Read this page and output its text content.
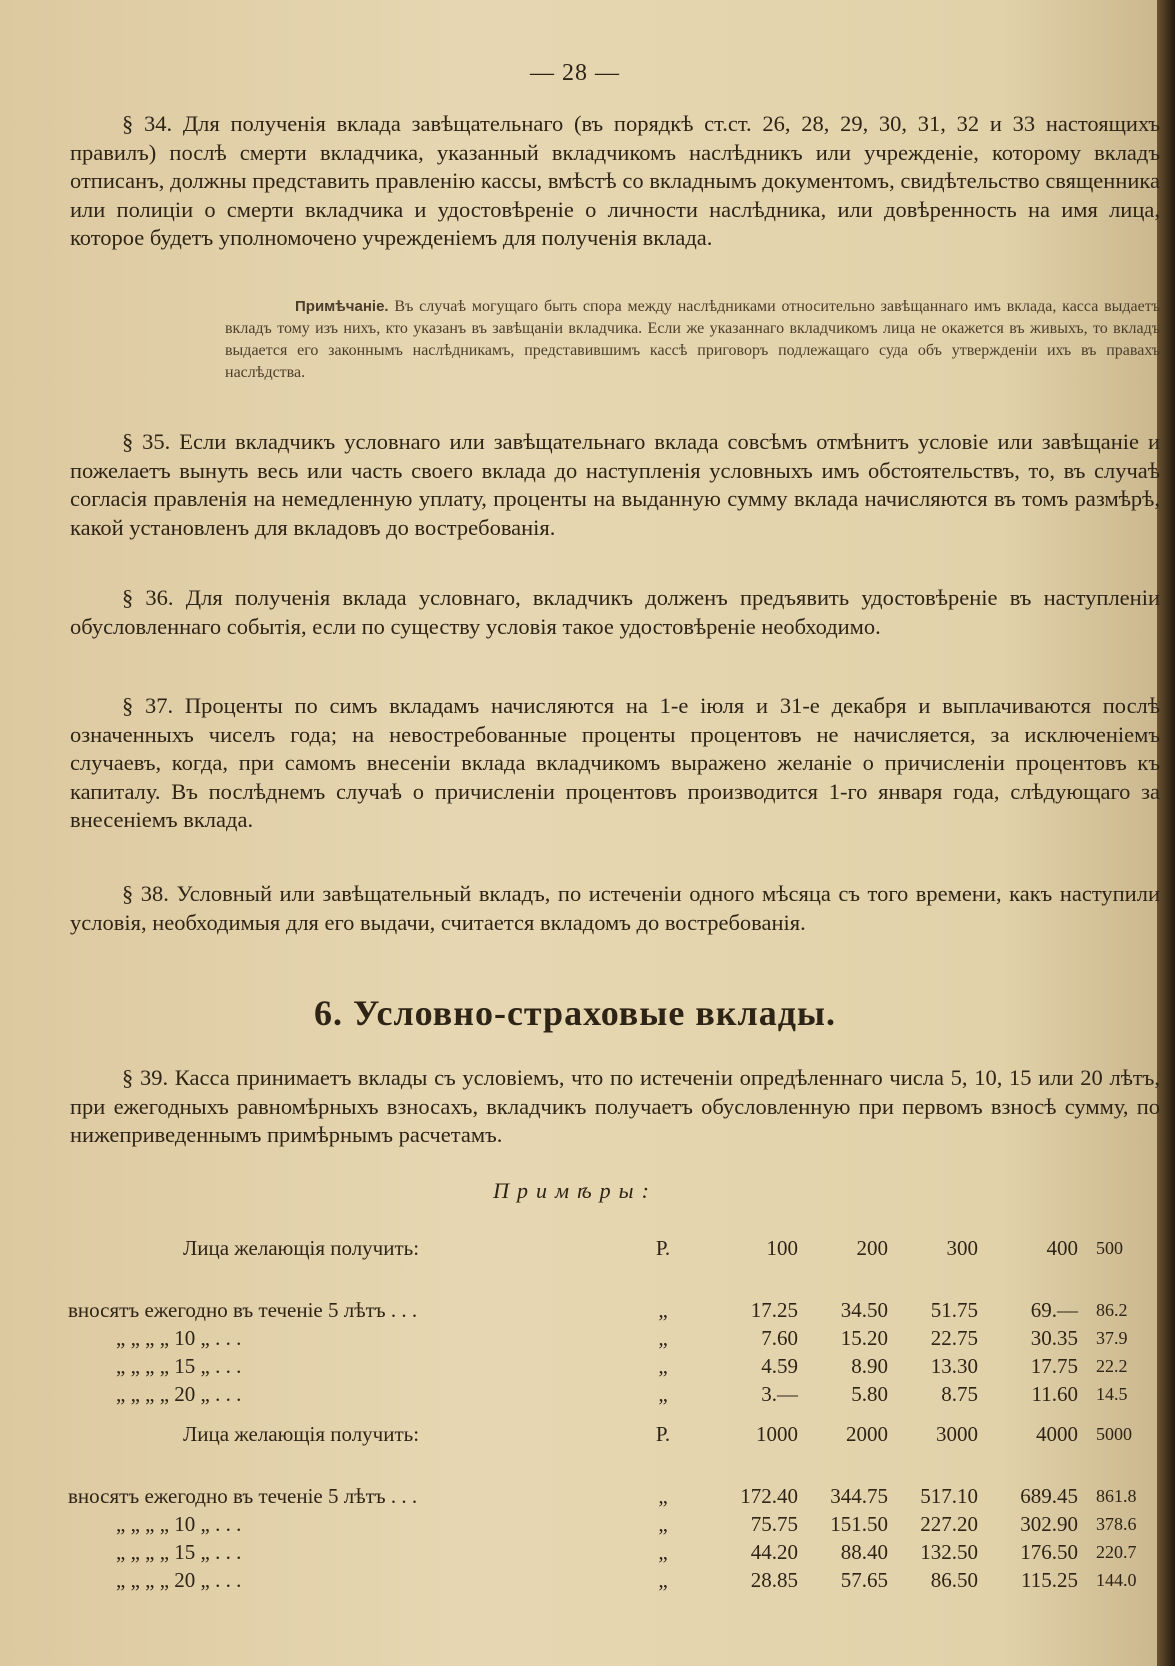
— 28 —

§ 34. Для полученія вклада завѣщательнаго (въ порядкѣ ст.ст. 26, 28, 29, 30, 31, 32 и 33 настоящихъ правилъ) послѣ смерти вкладчика, указанный вкладчикомъ наслѣдникъ или учрежденіе, которому вкладъ отписанъ, должны представить правленію кассы, вмѣстѣ со вкладнымъ документомъ, свидѣтельство священника или полиціи о смерти вкладчика и удостовѣреніе о личности наслѣдника, или довѣренность на имя лица, которое будетъ уполномочено учрежденіемъ для полученія вклада.

Примѣчаніе. Въ случаѣ могущаго быть спора между наслѣдниками относительно завѣщаннаго имъ вклада, касса выдаетъ вкладъ тому изъ нихъ, кто указанъ въ завѣщаніи вкладчика. Если же указаннаго вкладчикомъ лица не окажется въ живыхъ, то вкладъ выдается его законнымъ наслѣдникамъ, представившимъ кассѣ приговоръ подлежащаго суда объ утвержденіи ихъ въ правахъ наслѣдства.

§ 35. Если вкладчикъ условнаго или завѣщательнаго вклада совсѣмъ отмѣнитъ условіе или завѣщаніе и пожелаетъ вынуть весь или часть своего вклада до наступленія условныхъ имъ обстоятельствъ, то, въ случаѣ согласія правленія на немедленную уплату, проценты на выданную сумму вклада начисляются въ томъ размѣрѣ, какой установленъ для вкладовъ до востребованія.

§ 36. Для полученія вклада условнаго, вкладчикъ долженъ предъявить удостовѣреніе въ наступленіи обусловленнаго событія, если по существу условія такое удостовѣреніе необходимо.

§ 37. Проценты по симъ вкладамъ начисляются на 1-е іюля и 31-е декабря и выплачиваются послѣ означенныхъ чиселъ года; на невостребованные проценты процентовъ не начисляется, за исключеніемъ случаевъ, когда, при самомъ внесеніи вклада вкладчикомъ выражено желаніе о причисленіи процентовъ къ капиталу. Въ послѣднемъ случаѣ о причисленіи процентовъ производится 1-го января года, слѣдующаго за внесеніемъ вклада.

§ 38. Условный или завѣщательный вкладъ, по истеченіи одного мѣсяца съ того времени, какъ наступили условія, необходимыя для его выдачи, считается вкладомъ до востребованія.

6. Условно-страховые вклады.

§ 39. Касса принимаетъ вклады съ условіемъ, что по истеченіи опредѣленнаго числа 5, 10, 15 или 20 лѣтъ, при ежегодныхъ равномѣрныхъ взносахъ, вкладчикъ получаетъ обусловленную при первомъ взносѣ сумму, по нижеприведеннымъ примѣрнымъ расчетамъ.

Примѣры:
Лица желающія получить:	Р.	100	200	300	400	500

вносятъ ежегодно въ теченіе 5 лѣтъ . . .	„	17.25	34.50	51.75	69.—	86.2
„ „ „ „ 10 „ . . .	„	7.60	15.20	22.75	30.35	37.9
„ „ „ „ 15 „ . . .	„	4.59	8.90	13.30	17.75	22.2
„ „ „ „ 20 „ . . .	„	3.—	5.80	8.75	11.60	14.5
Лица желающія получить:	Р.	1000	2000	3000	4000	5000

вносятъ ежегодно въ теченіе 5 лѣтъ . . .	„	172.40	344.75	517.10	689.45	861.8
„ „ „ „ 10 „ . . .	„	75.75	151.50	227.20	302.90	378.6
„ „ „ „ 15 „ . . .	„	44.20	88.40	132.50	176.50	220.7
„ „ „ „ 20 „ . . .	„	28.85	57.65	86.50	115.25	144.0
